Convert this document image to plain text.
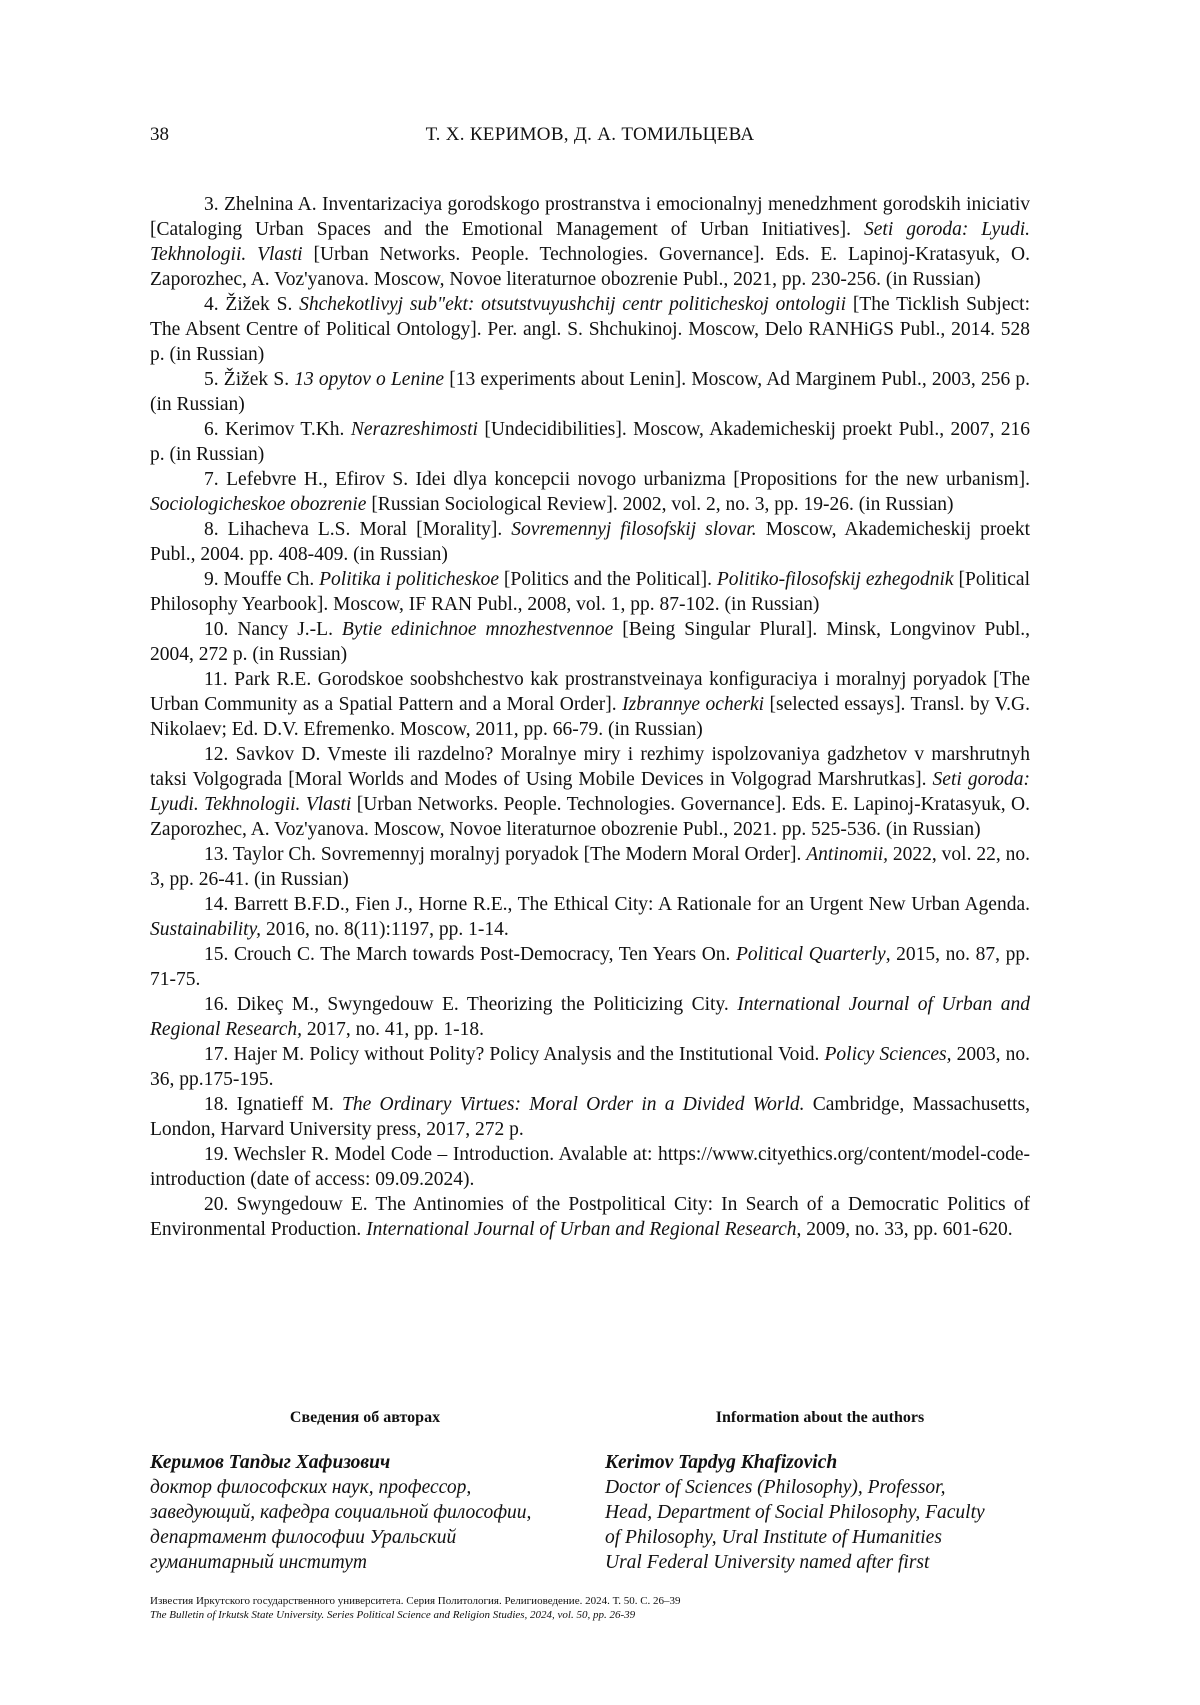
38	Т. Х. КЕРИМОВ, Д. А. ТОМИЛЬЦЕВА

3. Zhelnina A. Inventarizaciya gorodskogo prostranstva i emocionalnyj menedzhment gorodskih iniciativ [Cataloging Urban Spaces and the Emotional Management of Urban Initiatives]. Seti goroda: Lyudi. Tekhnologii. Vlasti [Urban Networks. People. Technologies. Governance]. Eds. E. Lapinoj-Kratasyuk, O. Zaporozhec, A. Voz'yanova. Moscow, Novoe literaturnoe obozrenie Publ., 2021, pp. 230-256. (in Russian)

4. Žižek S. Shchekotlivyj sub"ekt: otsutstvuyushchij centr politicheskoj ontologii [The Ticklish Subject: The Absent Centre of Political Ontology]. Per. angl. S. Shchukinoj. Moscow, Delo RANHiGS Publ., 2014. 528 p. (in Russian)

5. Žižek S. 13 opytov o Lenine [13 experiments about Lenin]. Moscow, Ad Marginem Publ., 2003, 256 p. (in Russian)

6. Kerimov T.Kh. Nerazreshimosti [Undecidibilities]. Moscow, Akademicheskij proekt Publ., 2007, 216 p. (in Russian)

7. Lefebvre H., Efirov S. Idei dlya koncepcii novogo urbanizma [Propositions for the new urbanism]. Sociologicheskoe obozrenie [Russian Sociological Review]. 2002, vol. 2, no. 3, pp. 19-26. (in Russian)

8. Lihacheva L.S. Moral [Morality]. Sovremennyj filosofskij slovar. Moscow, Akademicheskij proekt Publ., 2004. pp. 408-409. (in Russian)

9. Mouffe Ch. Politika i politicheskoe [Politics and the Political]. Politiko-filosofskij ezhegodnik [Political Philosophy Yearbook]. Moscow, IF RAN Publ., 2008, vol. 1, pp. 87-102. (in Russian)

10. Nancy J.-L. Bytie edinichnoe mnozhestvennoe [Being Singular Plural]. Minsk, Longvinov Publ., 2004, 272 p. (in Russian)

11. Park R.E. Gorodskoe soobshchestvo kak prostranstveinaya konfiguraciya i moralnyj poryadok [The Urban Community as a Spatial Pattern and a Moral Order]. Izbrannye ocherki [selected essays]. Transl. by V.G. Nikolaev; Ed. D.V. Efremenko. Moscow, 2011, pp. 66-79. (in Russian)

12. Savkov D. Vmeste ili razdelno? Moralnye miry i rezhimy ispolzovaniya gadzhetov v marshrutnyh taksi Volgograda [Moral Worlds and Modes of Using Mobile Devices in Volgograd Marshrutkas]. Seti goroda: Lyudi. Tekhnologii. Vlasti [Urban Networks. People. Technologies. Governance]. Eds. E. Lapinoj-Kratasyuk, O. Zaporozhec, A. Voz'yanova. Moscow, Novoe literaturnoe obozrenie Publ., 2021. pp. 525-536. (in Russian)

13. Taylor Ch. Sovremennyj moralnyj poryadok [The Modern Moral Order]. Antinomii, 2022, vol. 22, no. 3, pp. 26-41. (in Russian)

14. Barrett B.F.D., Fien J., Horne R.E., The Ethical City: A Rationale for an Urgent New Urban Agenda. Sustainability, 2016, no. 8(11):1197, pp. 1-14.

15. Crouch C. The March towards Post-Democracy, Ten Years On. Political Quarterly, 2015, no. 87, pp. 71-75.

16. Dikeç M., Swyngedouw E. Theorizing the Politicizing City. International Journal of Urban and Regional Research, 2017, no. 41, pp. 1-18.

17. Hajer M. Policy without Polity? Policy Analysis and the Institutional Void. Policy Sciences, 2003, no. 36, pp.175-195.

18. Ignatieff M. The Ordinary Virtues: Moral Order in a Divided World. Cambridge, Massachusetts, London, Harvard University press, 2017, 272 p.

19. Wechsler R. Model Code – Introduction. Avalable at: https://www.cityethics.org/content/model-code-introduction (date of access: 09.09.2024).

20. Swyngedouw E. The Antinomies of the Postpolitical City: In Search of a Democratic Politics of Environmental Production. International Journal of Urban and Regional Research, 2009, no. 33, pp. 601-620.

Сведения об авторах
Керимов Тапдыг Хафизович
доктор философских наук, профессор,
заведующий, кафедра социальной философии,
департамент философии Уральский
гуманитарный институт
Information about the authors
Kerimov Tapdyg Khafizovich
Doctor of Sciences (Philosophy), Professor,
Head, Department of Social Philosophy, Faculty
of Philosophy, Ural Institute of Humanities
Ural Federal University named after first
Известия Иркутского государственного университета. Серия Политология. Религиоведение. 2024. Т. 50. С. 26–39
The Bulletin of Irkutsk State University. Series Political Science and Religion Studies, 2024, vol. 50, pp. 26-39
